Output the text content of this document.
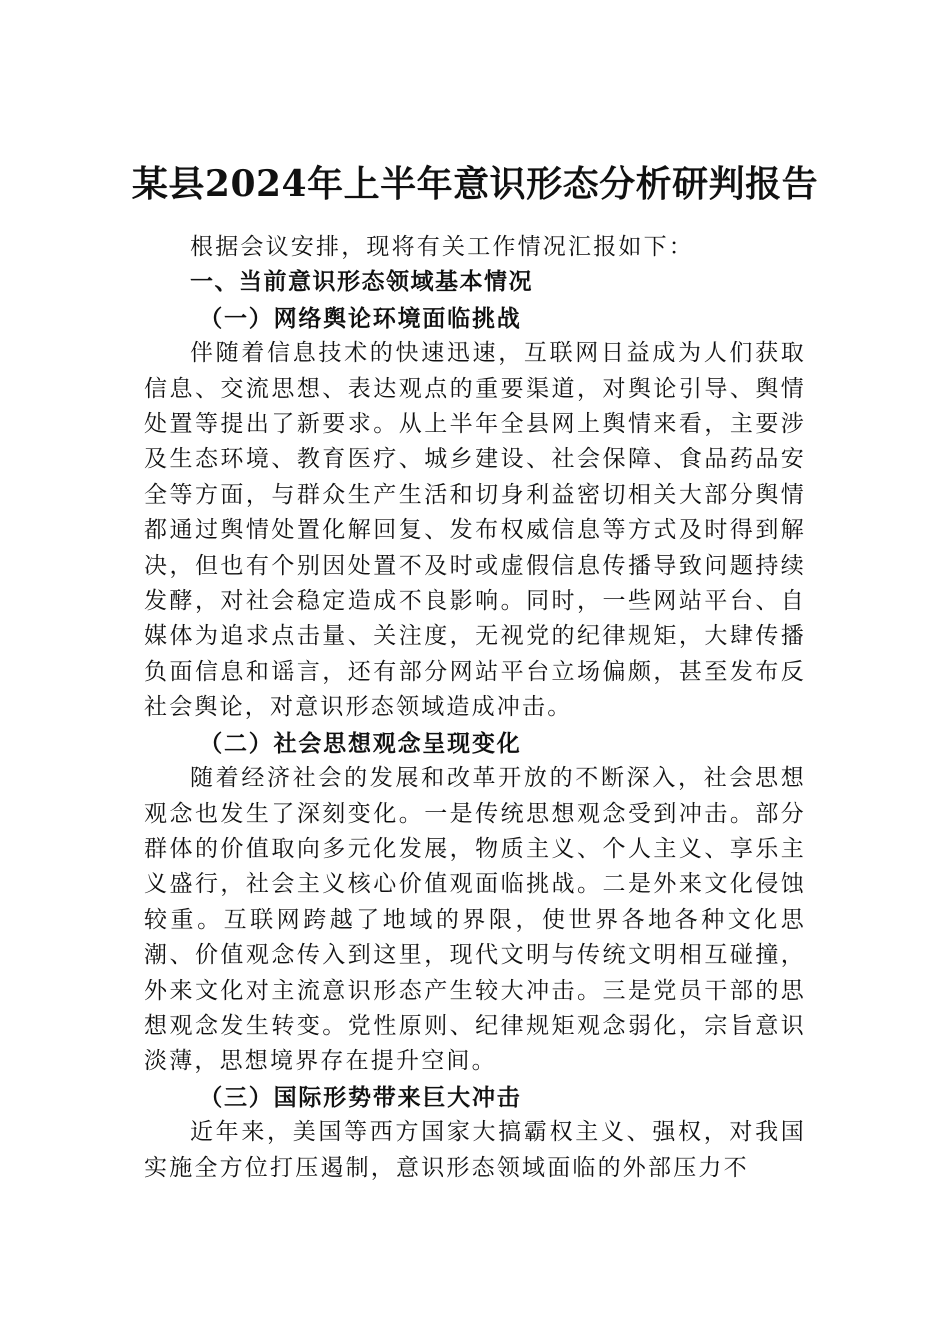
某县2024年上半年意识形态分析研判报告

根据会议安排，现将有关工作情况汇报如下：

一、当前意识形态领域基本情况
（一）网络舆论环境面临挑战

伴随着信息技术的快速迅速，互联网日益成为人们获取信息、交流思想、表达观点的重要渠道，对舆论引导、舆情处置等提出了新要求。从上半年全县网上舆情来看，主要涉及生态环境、教育医疗、城乡建设、社会保障、食品药品安全等方面，与群众生产生活和切身利益密切相关大部分舆情都通过舆情处置化解回复、发布权威信息等方式及时得到解决，但也有个别因处置不及时或虚假信息传播导致问题持续发酵，对社会稳定造成不良影响。同时，一些网站平台、自媒体为追求点击量、关注度，无视党的纪律规矩，大肆传播负面信息和谣言，还有部分网站平台立场偏颇，甚至发布反社会舆论，对意识形态领域造成冲击。

（二）社会思想观念呈现变化

随着经济社会的发展和改革开放的不断深入，社会思想观念也发生了深刻变化。一是传统思想观念受到冲击。部分群体的价值取向多元化发展，物质主义、个人主义、享乐主义盛行，社会主义核心价值观面临挑战。二是外来文化侵蚀较重。互联网跨越了地域的界限，使世界各地各种文化思潮、价值观念传入到这里，现代文明与传统文明相互碰撞，外来文化对主流意识形态产生较大冲击。三是党员干部的思想观念发生转变。党性原则、纪律规矩观念弱化，宗旨意识淡薄，思想境界存在提升空间。

（三）国际形势带来巨大冲击

近年来，美国等西方国家大搞霸权主义、强权，对我国实施全方位打压遏制，意识形态领域面临的外部压力不
